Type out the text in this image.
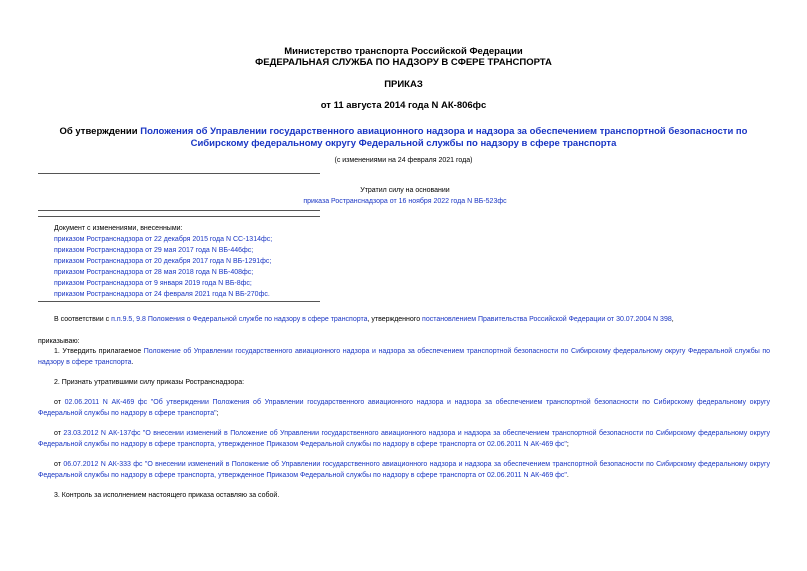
Министерство транспорта Российской Федерации
ФЕДЕРАЛЬНАЯ СЛУЖБА ПО НАДЗОРУ В СФЕРЕ ТРАНСПОРТА
ПРИКАЗ
от 11 августа 2014 года N АК-806фс
Об утверждении Положения об Управлении государственного авиационного надзора и надзора за обеспечением транспортной безопасности по Сибирскому федеральному округу Федеральной службы по надзору в сфере транспорта
(с изменениями на 24 февраля 2021 года)
Утратил силу на основании
приказа Ространснадзора от 16 ноября 2022 года N ВБ-523фс
Документ с изменениями, внесенными:
приказом Ространснадзора от 22 декабря 2015 года N СС-1314фс;
приказом Ространснадзора от 29 мая 2017 года N ВБ-446фс;
приказом Ространснадзора от 20 декабря 2017 года N ВБ-1291фс;
приказом Ространснадзора от 28 мая 2018 года N ВБ-408фс;
приказом Ространснадзора от 9 января 2019 года N ВБ-8фс;
приказом Ространснадзора от 24 февраля 2021 года N ВБ-270фс.
В соответствии с п.п.9.5, 9.8 Положения о Федеральной службе по надзору в сфере транспорта, утвержденного постановлением Правительства Российской Федерации от 30.07.2004 N 398,
приказываю:
1. Утвердить прилагаемое Положение об Управлении государственного авиационного надзора и надзора за обеспечением транспортной безопасности по Сибирскому федеральному округу Федеральной службы по надзору в сфере транспорта.
2. Признать утратившими силу приказы Ространснадзора:
от 02.06.2011 N АК-469 фс "Об утверждении Положения об Управлении государственного авиационного надзора и надзора за обеспечением транспортной безопасности по Сибирскому федеральному округу Федеральной службы по надзору в сфере транспорта";
от 23.03.2012 N АК-137фс "О внесении изменений в Положение об Управлении государственного авиационного надзора и надзора за обеспечением транспортной безопасности по Сибирскому федеральному округу Федеральной службы по надзору в сфере транспорта, утвержденное Приказом Федеральной службы по надзору в сфере транспорта от 02.06.2011 N АК-469 фс";
от 06.07.2012 N АК-333 фс "О внесении изменений в Положение об Управлении государственного авиационного надзора и надзора за обеспечением транспортной безопасности по Сибирскому федеральному округу Федеральной службы по надзору в сфере транспорта, утвержденное Приказом Федеральной службы по надзору в сфере транспорта от 02.06.2011 N АК-469 фс".
3. Контроль за исполнением настоящего приказа оставляю за собой.
